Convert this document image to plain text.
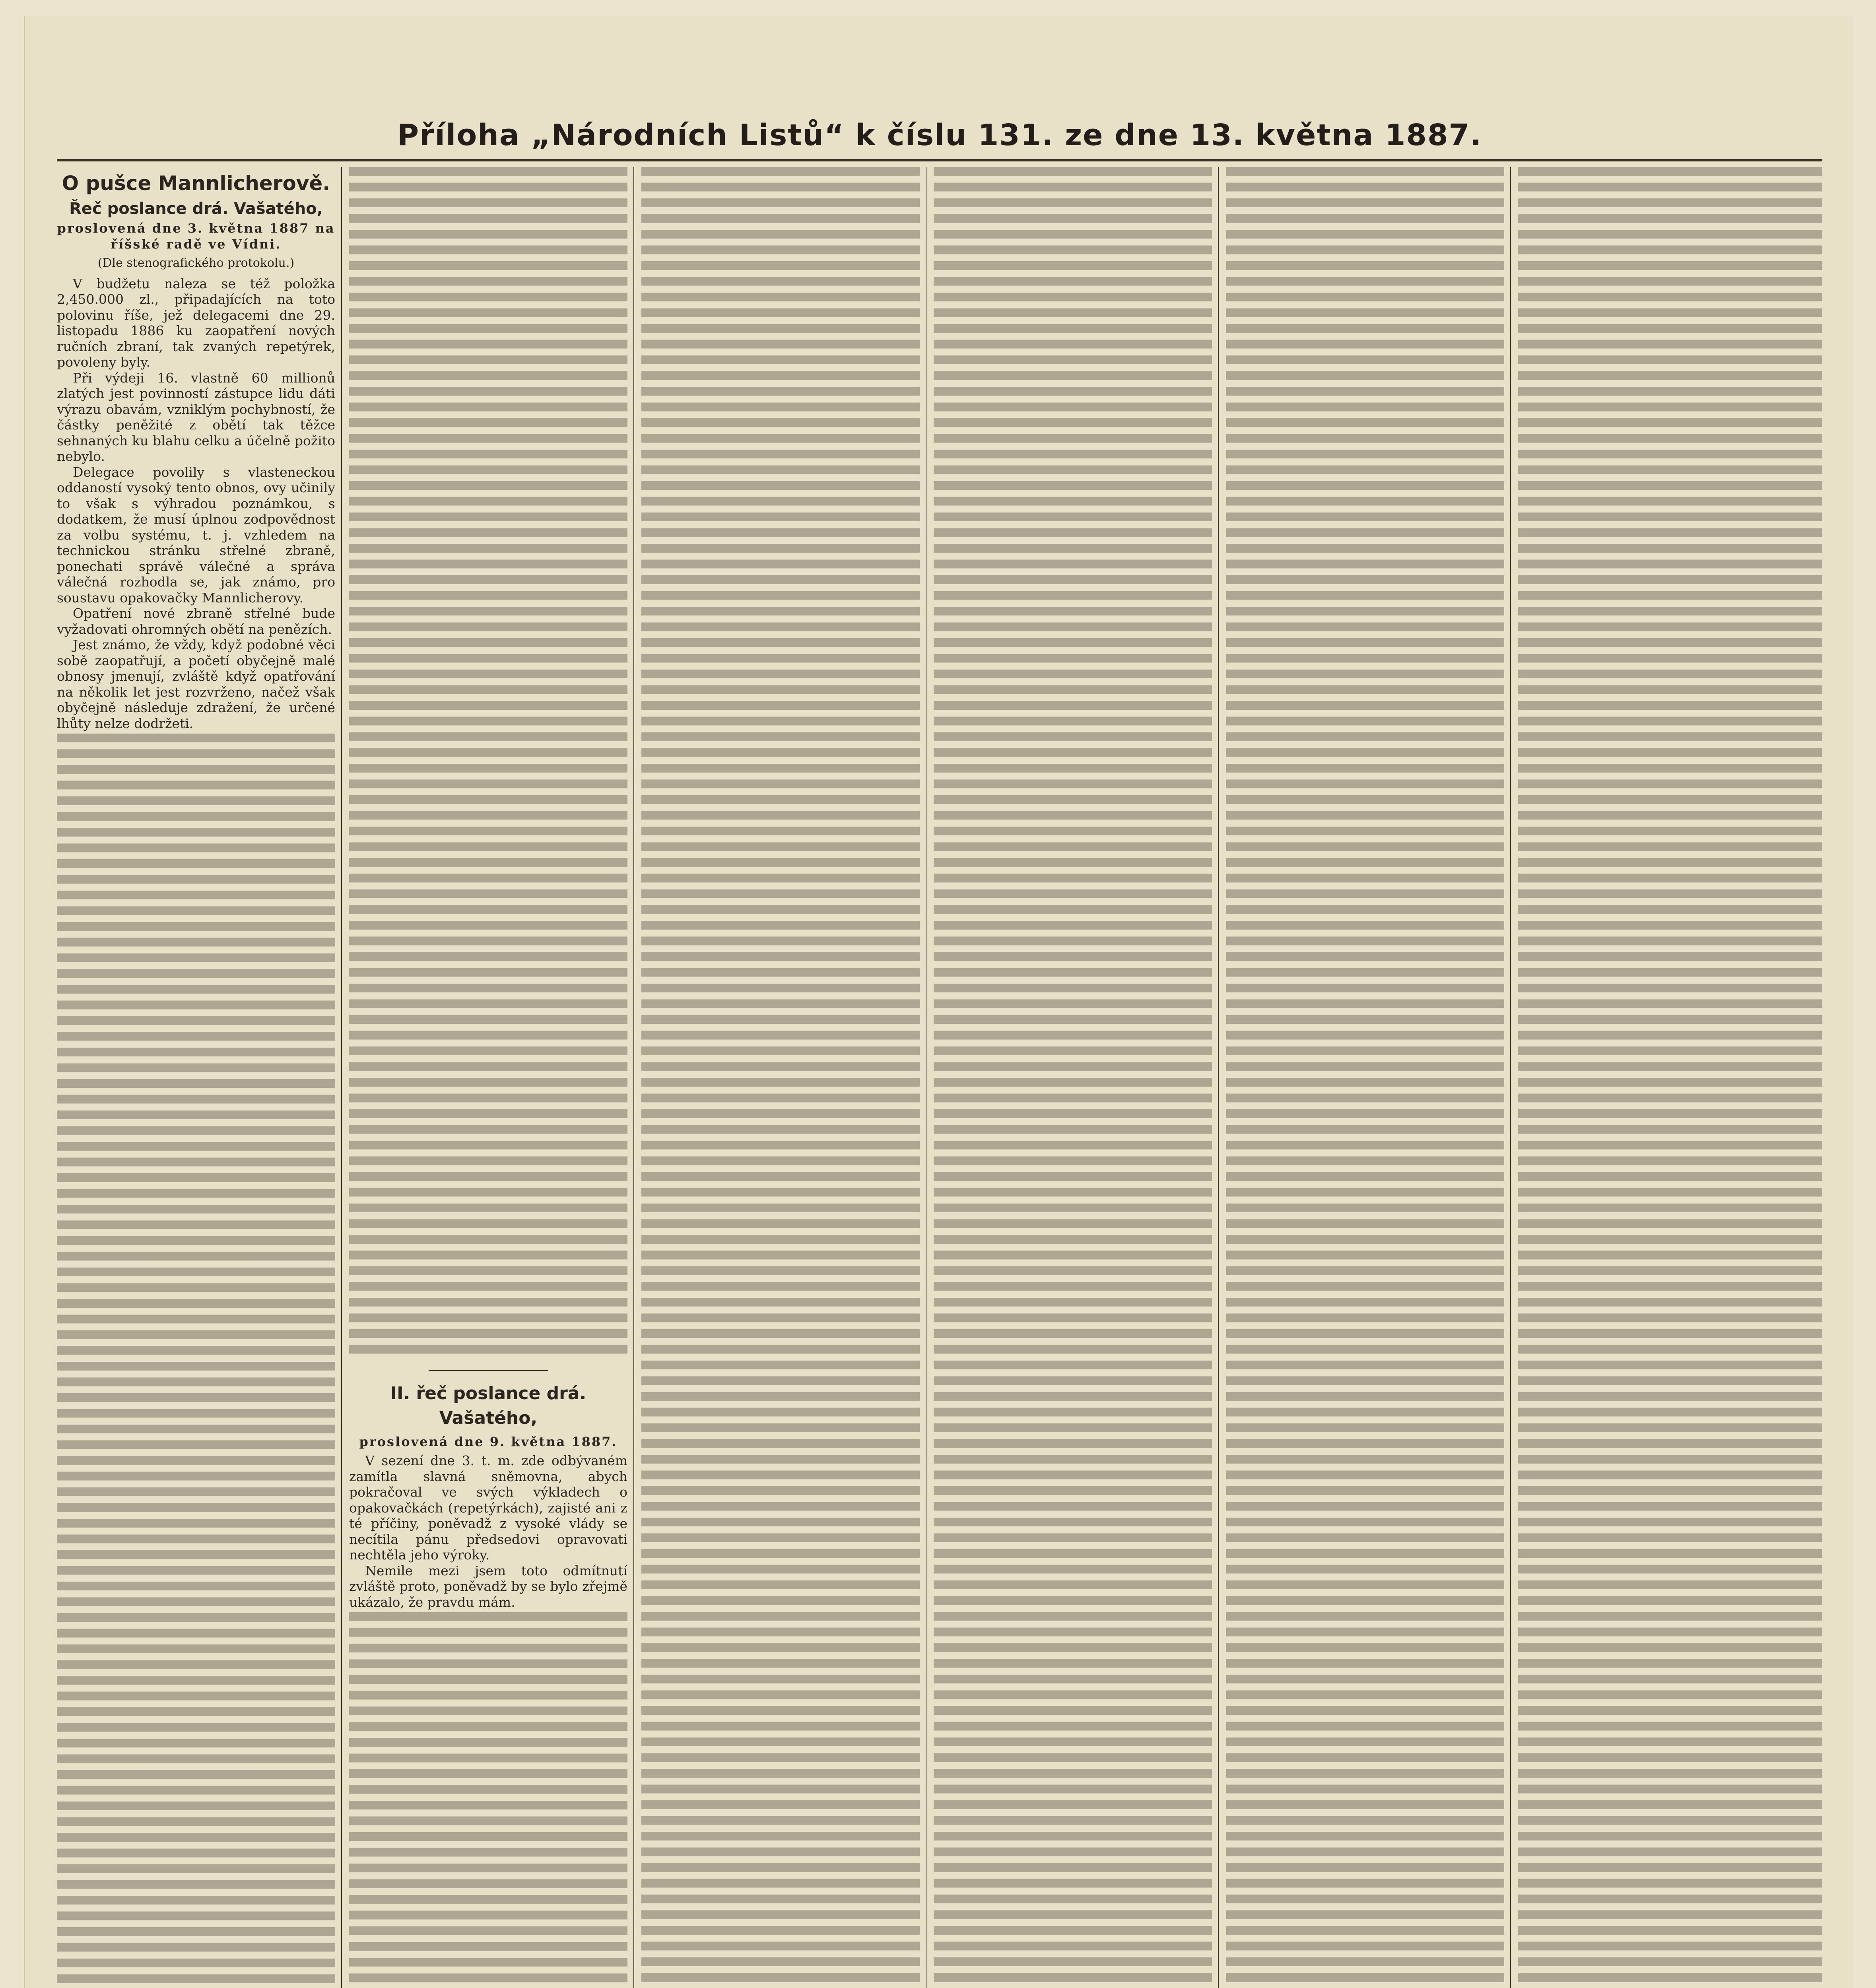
Příloha „Národních Listů“ k číslu 131. ze dne 13. května 1887.
O pušce Mannlicherově.
Řeč poslance drá. Vašatého,
proslovená dne 3. května 1887 na říšské radě ve Vídni.
(Dle stenografického protokolu.)

V budžetu naleza se též položka 2,450.000 zl., připadajících na toto polovinu říše, jež delegacemi dne 29. listopadu 1886 ku zaopatření nových ručních zbraní, tak zvaných repetýrek, povoleny byly.

Při výdeji 16. vlastně 60 millionů zlatých jest povinností zástupce lidu dáti výrazu obavám, vzniklým pochybností, že částky peněžité z obětí tak těžce sehnaných ku blahu celku a účelně požito nebylo.

Delegace povolily s vlasteneckou oddaností vysoký tento obnos, ovy učinily to však s výhradou poznámkou, s dodatkem, že musí úplnou zodpovědnost za volbu systému, t. j. vzhledem na technickou stránku střelné zbraně, ponechati správě válečné a správa válečná rozhodla se, jak známo, pro soustavu opakovačky Mannlicherovy.

Opatření nové zbraně střelné bude vyžadovati ohromných obětí na penězích.

Jest známo, že vždy, když podobné věci sobě zaopatřují, a početí obyčejně malé obnosy jmenují, zvláště když opatřování na několik let jest rozvrženo, načež však obyčejně následuje zdražení, že určené lhůty nelze dodržeti.

II. řeč poslance drá. Vašatého,
proslovená dne 9. května 1887.

V sezení dne 3. t. m. zde odbývaném zamítla slavná sněmovna, abych pokračoval ve svých výkladech o opakovačkách (repetýrkách), zajisté ani z té příčiny, poněvadž z vysoké vlády se necítila pánu předsedovi opravovati nechtěla jeho výroky.

Nemile mezi jsem toto odmítnutí zvláště proto, poněvadž by se bylo zřejmě ukázalo, že pravdu mám.
